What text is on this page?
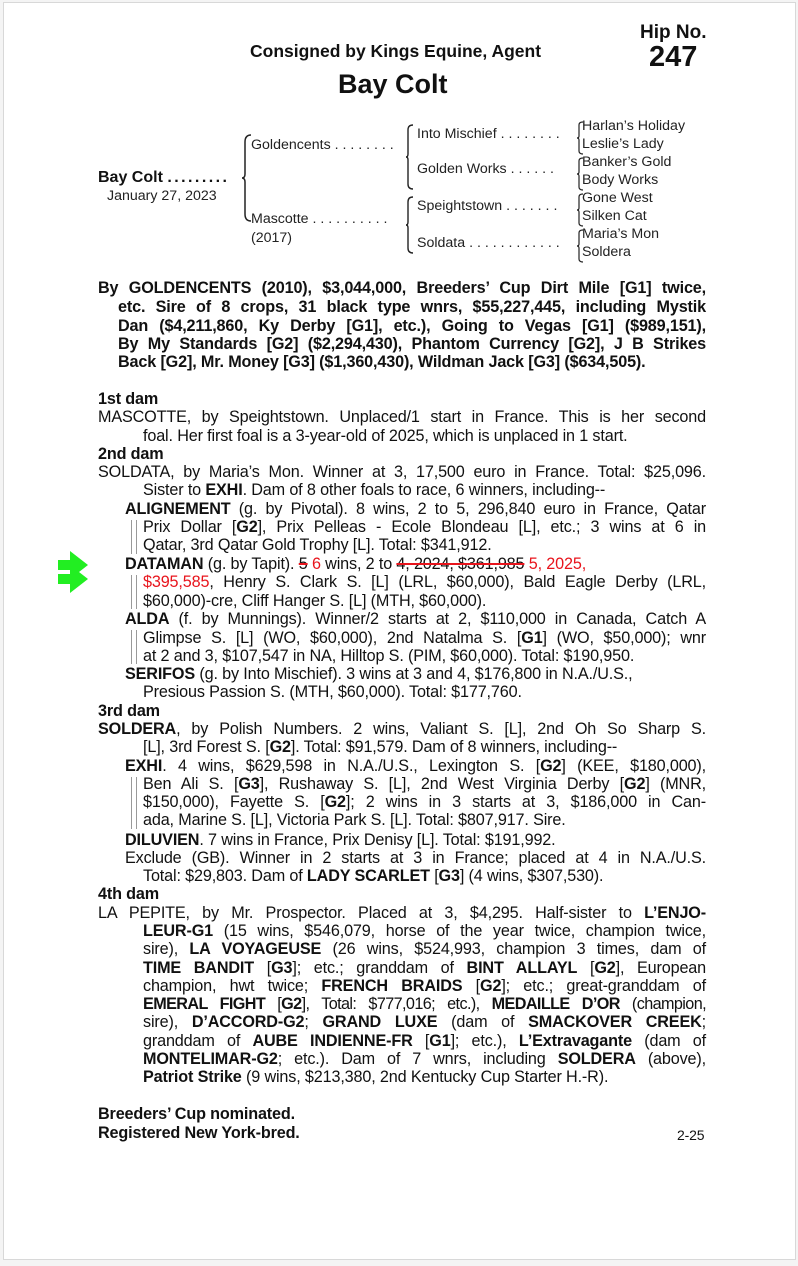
Hip No.
247
Consigned by Kings Equine, Agent
Bay Colt
Bay Colt . . . . . . . . .
January 27, 2023
Goldencents . . . . . . . .
Mascotte . . . . . . . . . .
(2017)
Into Mischief . . . . . . . .
Golden Works . . . . . .
Speightstown . . . . . . .
Soldata . . . . . . . . . . . .
Harlan’s Holiday
Leslie’s Lady
Banker’s Gold
Body Works
Gone West
Silken Cat
Maria’s Mon
Soldera
By GOLDENCENTS (2010), $3,044,000, Breeders’ Cup Dirt Mile [G1] twice,
etc. Sire of 8 crops, 31 black type wnrs, $55,227,445, including Mystik
Dan ($4,211,860, Ky Derby [G1], etc.), Going to Vegas [G1] ($989,151),
By My Standards [G2] ($2,294,430), Phantom Currency [G2], J B Strikes
Back [G2], Mr. Money [G3] ($1,360,430), Wildman Jack [G3] ($634,505).
1st dam
MASCOTTE, by Speightstown. Unplaced/1 start in France. This is her second
foal. Her first foal is a 3-year-old of 2025, which is unplaced in 1 start.
2nd dam
SOLDATA, by Maria’s Mon. Winner at 3, 17,500 euro in France. Total: $25,096.
Sister to EXHI. Dam of 8 other foals to race, 6 winners, including--
ALIGNEMENT (g. by Pivotal). 8 wins, 2 to 5, 296,840 euro in France, Qatar
Prix Dollar [G2], Prix Pelleas - Ecole Blondeau [L], etc.; 3 wins at 6 in
Qatar, 3rd Qatar Gold Trophy [L]. Total: $341,912.
DATAMAN (g. by Tapit). 5 6 wins, 2 to 4, 2024, $361,985 5, 2025,
$395,585, Henry S. Clark S. [L] (LRL, $60,000), Bald Eagle Derby (LRL,
$60,000)-cre, Cliff Hanger S. [L] (MTH, $60,000).
ALDA (f. by Munnings). Winner/2 starts at 2, $110,000 in Canada, Catch A
Glimpse S. [L] (WO, $60,000), 2nd Natalma S. [G1] (WO, $50,000); wnr
at 2 and 3, $107,547 in NA, Hilltop S. (PIM, $60,000). Total: $190,950.
SERIFOS (g. by Into Mischief). 3 wins at 3 and 4, $176,800 in N.A./U.S.,
Presious Passion S. (MTH, $60,000). Total: $177,760.
3rd dam
SOLDERA, by Polish Numbers. 2 wins, Valiant S. [L], 2nd Oh So Sharp S.
[L], 3rd Forest S. [G2]. Total: $91,579. Dam of 8 winners, including--
EXHI. 4 wins, $629,598 in N.A./U.S., Lexington S. [G2] (KEE, $180,000),
Ben Ali S. [G3], Rushaway S. [L], 2nd West Virginia Derby [G2] (MNR,
$150,000), Fayette S. [G2]; 2 wins in 3 starts at 3, $186,000 in Can-
ada, Marine S. [L], Victoria Park S. [L]. Total: $807,917. Sire.
DILUVIEN. 7 wins in France, Prix Denisy [L]. Total: $191,992.
Exclude (GB). Winner in 2 starts at 3 in France; placed at 4 in N.A./U.S.
Total: $29,803. Dam of LADY SCARLET [G3] (4 wins, $307,530).
4th dam
LA PEPITE, by Mr. Prospector. Placed at 3, $4,295. Half-sister to L’ENJO-
LEUR-G1 (15 wins, $546,079, horse of the year twice, champion twice,
sire), LA VOYAGEUSE (26 wins, $524,993, champion 3 times, dam of
TIME BANDIT [G3]; etc.; granddam of BINT ALLAYL [G2], European
champion, hwt twice; FRENCH BRAIDS [G2]; etc.; great-granddam of
EMERAL FIGHT [G2], Total: $777,016; etc.), MEDAILLE D’OR (champion,
sire), D’ACCORD-G2; GRAND LUXE (dam of SMACKOVER CREEK;
granddam of AUBE INDIENNE-FR [G1]; etc.), L’Extravagante (dam of
MONTELIMAR-G2; etc.). Dam of 7 wnrs, including SOLDERA (above),
Patriot Strike (9 wins, $213,380, 2nd Kentucky Cup Starter H.-R).
Breeders’ Cup nominated.
Registered New York-bred.	2-25
